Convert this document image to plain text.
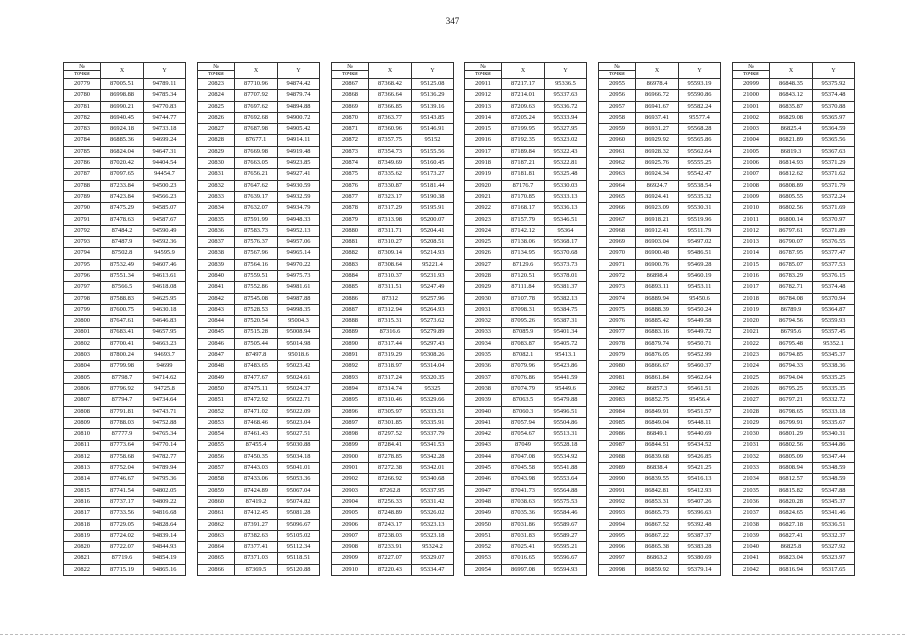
347
№	X	Y
точки		
20779	87005.51	94789.11
20780	86998.88	94785.34
20781	86990.21	94770.83
20782	86940.45	94744.77
20783	86924.18	94733.18
20784	86885.36	94699.24
20785	86824.04	94647.31
20786	87020.42	94404.54
20787	87097.65	94454.7
20788	87233.84	94500.23
20789	87423.84	94566.23
20790	87475.29	94585.07
20791	87478.63	94587.67
20792	87484.2	94590.49
20793	87487.9	94592.36
20794	87502.8	94595.9
20795	87532.49	94607.46
20796	87551.34	94613.61
20797	87566.5	94618.08
20798	87588.83	94625.95
20799	87600.75	94630.18
20800	87647.61	94646.83
20801	87683.41	94657.95
20802	87700.41	94663.23
20803	87800.24	94693.7
20804	87799.98	94699
20805	87798.7	94714.62
20806	87796.92	94725.8
20807	87794.7	94734.64
20808	87791.81	94743.71
20809	87788.03	94752.88
20810	87777.9	94765.34
20811	87773.64	94770.14
20812	87758.68	94782.77
20813	87752.04	94789.94
20814	87746.67	94795.36
20815	87741.54	94802.05
20816	87737.17	94809.22
20817	87733.56	94816.68
20818	87729.05	94828.64
20819	87724.02	94839.14
20820	87722.07	94844.93
20821	87719.6	94854.19
20822	87715.19	94865.16
№	X	Y
точки		
20823	87710.96	94874.42
20824	87707.92	94879.74
20825	87697.62	94894.88
20826	87692.68	94900.72
20827	87687.98	94905.42
20828	87677.1	94914.11
20829	87669.98	94919.48
20830	87663.05	94923.85
20831	87656.21	94927.41
20832	87647.62	94930.59
20833	87639.17	94932.59
20834	87632.07	94934.79
20835	87591.99	94948.33
20836	87583.73	94952.13
20837	87576.37	94957.06
20838	87567.96	94965.14
20839	87564.16	94970.22
20840	87559.51	94975.73
20841	87552.86	94981.61
20842	87545.08	94987.88
20843	87528.53	94998.35
20844	87520.54	95004.3
20845	87515.28	95008.94
20846	87505.44	95014.98
20847	87497.8	95018.6
20848	87483.65	95023.42
20849	87477.67	95024.61
20850	87475.11	95024.37
20851	87472.92	95022.71
20852	87471.02	95022.09
20853	87468.46	95023.04
20854	87461.43	95027.51
20855	87455.4	95030.88
20856	87450.35	95034.18
20857	87443.03	95041.01
20858	87433.06	95053.36
20859	87424.89	95067.04
20860	87419.2	95074.82
20861	87412.45	95081.28
20862	87391.27	95096.67
20863	87382.63	95105.02
20864	87377.41	95112.34
20865	87371.03	95118.51
20866	87369.5	95120.88
№	X	Y
точки		
20867	87368.42	95125.08
20868	87366.64	95136.29
20869	87366.85	95139.16
20870	87363.77	95143.85
20871	87360.96	95146.91
20872	87357.75	95152
20873	87354.73	95155.56
20874	87349.69	95160.45
20875	87335.62	95173.27
20876	87330.87	95181.44
20877	87323.17	95190.38
20878	87317.29	95195.91
20879	87313.98	95200.07
20880	87311.71	95204.41
20881	87310.27	95208.51
20882	87309.14	95214.93
20883	87308.64	95221.4
20884	87310.37	95231.93
20885	87311.51	95247.49
20886	87312	95257.96
20887	87312.94	95264.93
20888	87315.31	95273.62
20889	87316.6	95279.89
20890	87317.44	95297.43
20891	87319.29	95308.26
20892	87318.97	95314.04
20893	87317.24	95320.35
20894	87314.74	95325
20895	87310.46	95329.66
20896	87305.97	95333.51
20897	87301.85	95335.91
20898	87297.52	95337.79
20899	87284.41	95341.53
20900	87278.85	95342.28
20901	87272.38	95342.01
20902	87266.92	95340.68
20903	87262.8	95337.95
20904	87256.33	95331.42
20905	87248.89	95326.02
20906	87243.17	95323.13
20907	87238.03	95323.18
20908	87233.91	95324.2
20909	87227.07	95329.07
20910	87220.43	95334.47
№	X	Y
точки		
20911	87217.17	95336.5
20912	87214.01	95337.63
20913	87209.63	95336.72
20914	87205.24	95333.94
20915	87199.95	95327.95
20916	87192.35	95323.02
20917	87189.84	95322.43
20918	87187.21	95322.81
20919	87181.81	95325.48
20920	87176.7	95330.03
20921	87170.85	95333.13
20922	87168.17	95336.13
20923	87157.79	95346.51
20924	87142.12	95364
20925	87138.06	95368.17
20926	87134.95	95370.68
20927	87129.6	95373.73
20928	87120.51	95378.01
20929	87111.84	95381.37
20930	87107.78	95382.13
20931	87098.31	95384.75
20932	87095.26	95387.31
20933	87085.9	95401.34
20934	87083.87	95405.72
20935	87082.1	95413.1
20936	87079.96	95423.86
20937	87076.86	95441.59
20938	87074.79	95449.6
20939	87063.5	95479.88
20940	87060.3	95496.51
20941	87057.94	95504.86
20942	87054.67	95513.31
20943	87049	95528.18
20944	87047.08	95534.92
20945	87045.58	95541.88
20946	87043.98	95553.64
20947	87041.73	95564.88
20948	87038.63	95575.53
20949	87035.36	95584.46
20950	87031.86	95589.67
20951	87031.83	95589.27
20952	87025.41	95595.21
20953	87016.65	95596.67
20954	86997.08	95594.93
№	X	Y
точки		
20955	86978.4	95593.19
20956	86966.72	95590.86
20957	86941.67	95582.24
20958	86937.41	95577.4
20959	86931.27	95568.28
20960	86929.92	95565.86
20961	86928.32	95562.64
20962	86925.76	95555.25
20963	86924.34	95542.47
20964	86924.7	95538.54
20965	86924.41	95535.32
20966	86923.09	95530.31
20967	86918.21	95519.96
20968	86912.41	95511.79
20969	86903.04	95497.02
20970	86900.48	95486.51
20971	86900.76	95469.28
20972	86898.4	95460.19
20973	86893.11	95453.11
20974	86889.94	95450.6
20975	86888.39	95450.24
20976	86885.42	95449.58
20977	86883.16	95449.72
20978	86879.74	95450.71
20979	86876.05	95452.99
20980	86866.67	95460.37
20981	86861.84	95462.64
20982	86857.3	95461.51
20983	86852.75	95456.4
20984	86849.91	95451.57
20985	86849.04	95448.11
20986	86849.1	95440.69
20987	86844.51	95434.52
20988	86839.68	95426.85
20989	86838.4	95421.25
20990	86839.55	95416.13
20991	86842.81	95412.93
20992	86853.31	95407.26
20993	86865.73	95396.63
20994	86867.52	95392.48
20995	86867.22	95387.37
20996	86865.38	95383.28
20997	86863.2	95380.69
20998	86859.92	95379.14
№	X	Y
точки		
20999	86848.35	95375.92
21000	86843.12	95374.48
21001	86835.87	95370.88
21002	86829.08	95365.97
21003	86825.4	95364.59
21004	86821.89	95365.56
21005	86819.3	95367.63
21006	86814.93	95371.29
21007	86812.62	95371.62
21008	86808.89	95371.79
21009	86805.55	95372.24
21010	86802.56	95371.69
21011	86800.14	95370.97
21012	86797.61	95371.89
21013	86790.07	95376.55
21014	86787.95	95377.47
21015	86785.07	95377.53
21016	86783.29	95376.15
21017	86782.71	95374.48
21018	86784.08	95370.94
21019	86789.9	95364.87
21020	86794.56	95359.93
21021	86795.6	95357.45
21022	86795.48	95352.1
21023	86794.85	95345.37
21024	86794.33	95338.36
21025	86794.04	95335.25
21026	86795.25	95335.35
21027	86797.21	95332.72
21028	86798.65	95333.18
21029	86799.91	95335.67
21030	86801.29	95340.31
21031	86802.56	95344.86
21032	86805.09	95347.44
21033	86808.94	95348.59
21034	86812.57	95348.59
21035	86815.82	95347.88
21036	86820.28	95345.37
21037	86824.65	95341.46
21038	86827.18	95336.51
21039	86827.41	95332.37
21040	86825.8	95327.92
21041	86823.04	95323.97
21042	86816.94	95317.65
